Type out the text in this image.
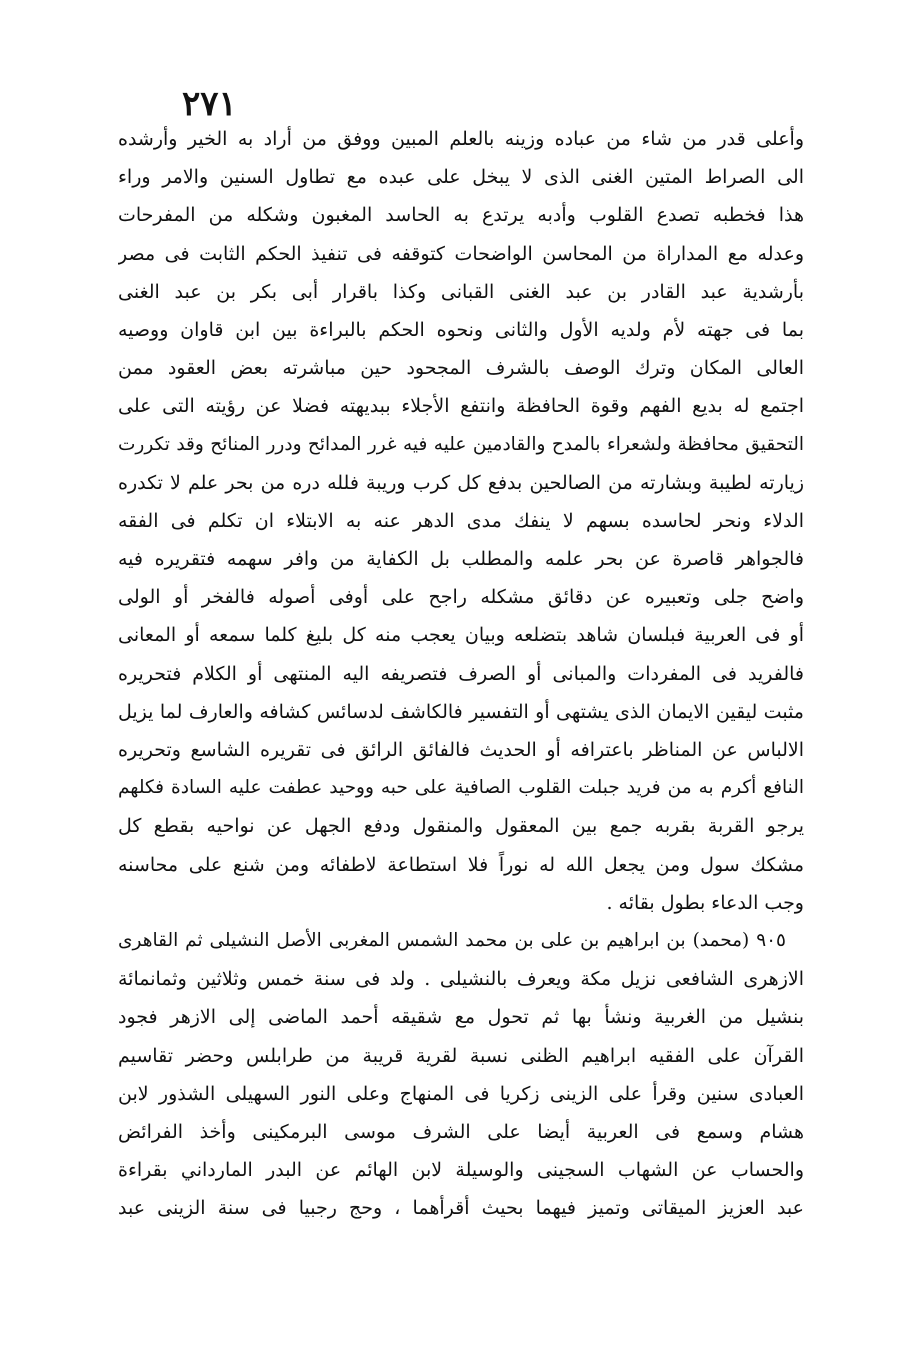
٢٧١
وأعلى قدر من شاء من عباده وزينه بالعلم المبين ووفق من أراد به الخير وأرشده
الى الصراط المتين الغنى الذى لا يبخل على عبده مع تطاول السنين والامر وراء
هذا فخطبه تصدع القلوب وأدبه يرتدع به الحاسد المغبون وشكله من المفرحات
وعدله مع المداراة من المحاسن الواضحات كتوقفه فى تنفيذ الحكم الثابت فى مصر
بأرشدية عبد القادر بن عبد الغنى القبانى وكذا باقرار أبى بكر بن عبد الغنى
بما فى جهته لأم ولديه الأول والثانى ونحوه الحكم بالبراءة بين ابن قاوان ووصيه
العالى المكان وترك الوصف بالشرف المجحود حين مباشرته بعض العقود ممن
اجتمع له بديع الفهم وقوة الحافظة وانتفع الأجلاء ببديهته فضلا عن رؤيته التى على
التحقيق محافظة ولشعراء بالمدح والقادمين عليه فيه غرر المدائح ودرر المنائح وقد تكررت
زيارته لطيبة وبشارته من الصالحين بدفع كل كرب وريبة فلله دره من بحر علم لا تكدره
الدلاء ونحر لحاسده بسهم لا ينفك مدى الدهر عنه به الابتلاء ان تكلم فى الفقه
فالجواهر قاصرة عن بحر علمه والمطلب بل الكفاية من وافر سهمه فتقريره فيه
واضح جلى وتعبيره عن دقائق مشكله راجح على أوفى أصوله فالفخر أو الولى
أو فى العربية فبلسان شاهد بتضلعه وبيان يعجب منه كل بليغ كلما سمعه أو المعانى
فالفريد فى المفردات والمبانى أو الصرف فتصريفه اليه المنتهى أو الكلام فتحريره
مثبت ليقين الايمان الذى يشتهى أو التفسير فالكاشف لدسائس كشافه والعارف لما يزيل
الالباس عن المناظر باعترافه أو الحديث فالفائق الرائق فى تقريره الشاسع وتحريره
النافع أكرم به من فريد جبلت القلوب الصافية على حبه ووحيد عطفت عليه السادة فكلهم
يرجو القربة بقربه جمع بين المعقول والمنقول ودفع الجهل عن نواحيه بقطع كل
مشكك سول ومن يجعل الله له نوراً فلا استطاعة لاطفائه ومن شنع على محاسنه
وجب الدعاء بطول بقائه .
٩٠٥ (محمد) بن ابراهيم بن على بن محمد الشمس المغربى الأصل النشيلى ثم القاهرى
الازهرى الشافعى نزيل مكة ويعرف بالنشيلى . ولد فى سنة خمس وثلاثين وثمانمائة
بنشيل من الغربية ونشأ بها ثم تحول مع شقيقه أحمد الماضى إلى الازهر فجود
القرآن على الفقيه ابراهيم الظنى نسبة لقرية قريبة من طرابلس وحضر تقاسيم
العبادى سنين وقرأ على الزينى زكريا فى المنهاج وعلى النور السهيلى الشذور لابن
هشام وسمع فى العربية أيضا على الشرف موسى البرمكينى وأخذ الفرائض
والحساب عن الشهاب السجينى والوسيلة لابن الهائم عن البدر المارداني بقراءة
عبد العزيز الميقاتى وتميز فيهما بحيث أقرأهما ، وحج رجبيا فى سنة الزينى عبد
